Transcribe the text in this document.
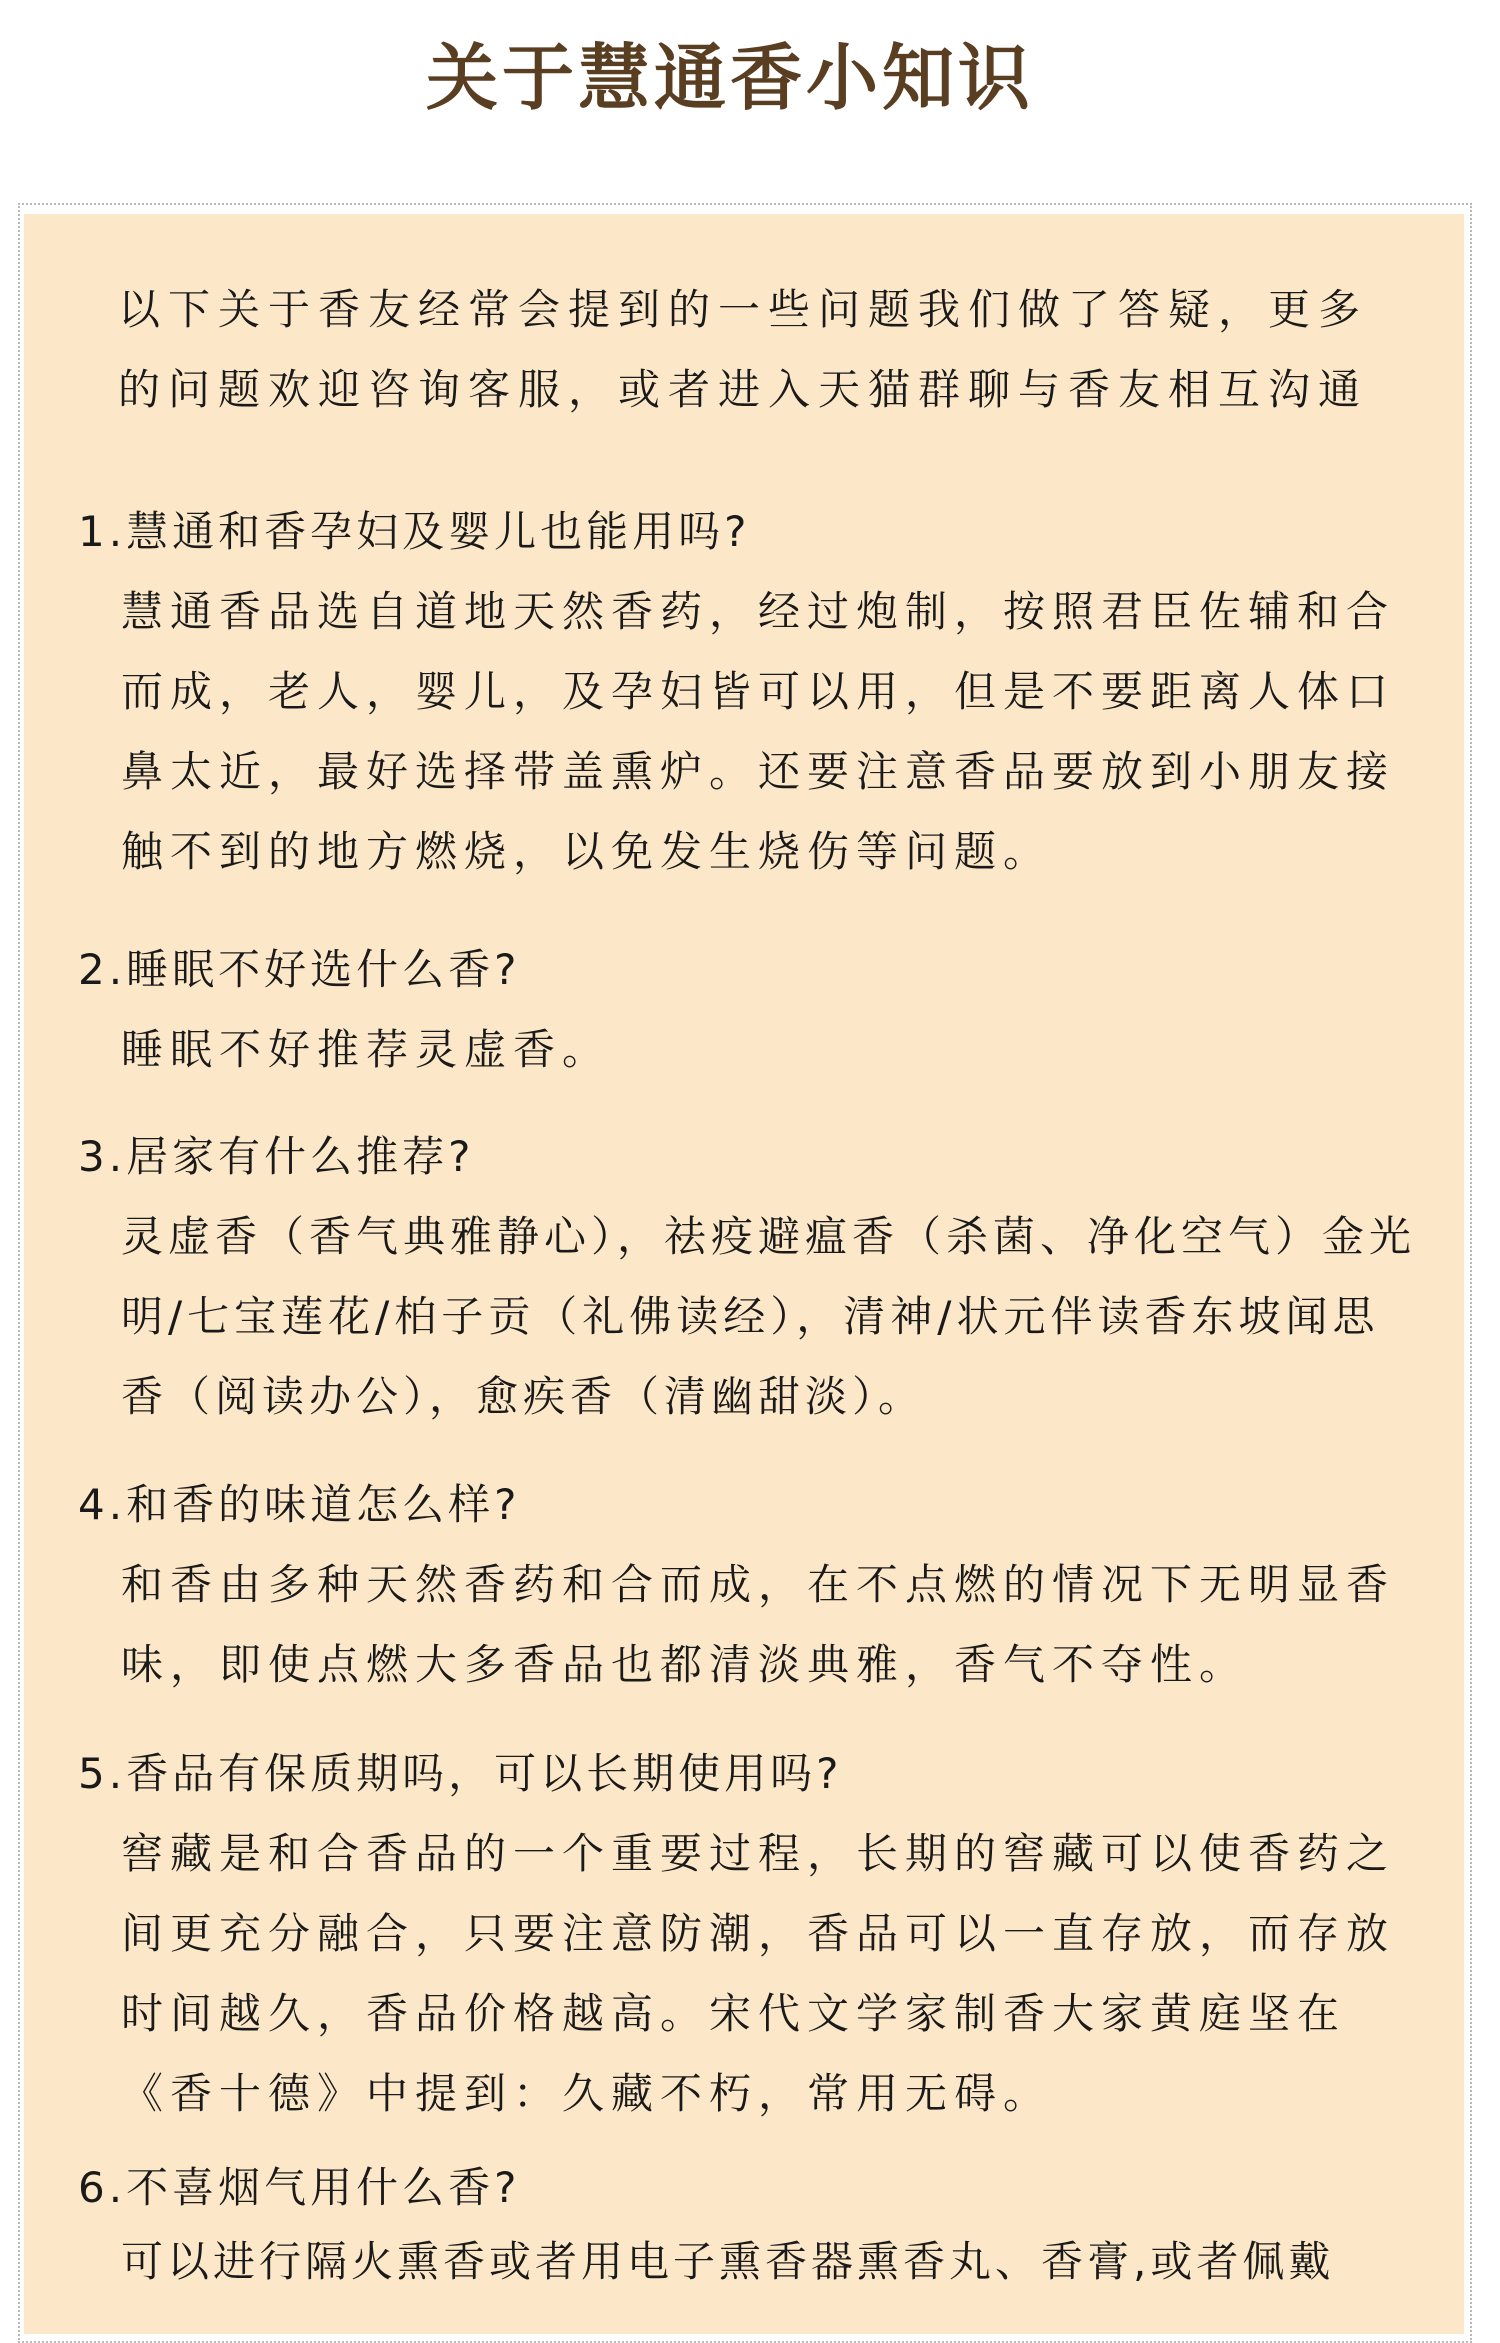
关于慧通香小知识

以下关于香友经常会提到的一些问题我们做了答疑，更多的问题欢迎咨询客服，或者进入天猫群聊与香友相互沟通

1.慧通和香孕妇及婴儿也能用吗?

慧通香品选自道地天然香药，经过炮制，按照君臣佐辅和合而成，老人，婴儿，及孕妇皆可以用，但是不要距离人体口鼻太近，最好选择带盖熏炉。还要注意香品要放到小朋友接触不到的地方燃烧，以免发生烧伤等问题。

2.睡眠不好选什么香?

睡眠不好推荐灵虚香。

3.居家有什么推荐?

灵虚香（香气典雅静心），祛疫避瘟香（杀菌、净化空气）金光明/七宝莲花/柏子贡（礼佛读经），清神/状元伴读香东坡闻思香（阅读办公），愈疾香（清幽甜淡）。

4.和香的味道怎么样?

和香由多种天然香药和合而成，在不点燃的情况下无明显香味，即使点燃大多香品也都清淡典雅，香气不夺性。

5.香品有保质期吗，可以长期使用吗?

窖藏是和合香品的一个重要过程，长期的窖藏可以使香药之间更充分融合，只要注意防潮，香品可以一直存放，而存放时间越久，香品价格越高。宋代文学家制香大家黄庭坚在《香十德》中提到：久藏不朽，常用无碍。

6.不喜烟气用什么香?

可以进行隔火熏香或者用电子熏香器熏香丸、香膏,或者佩戴
